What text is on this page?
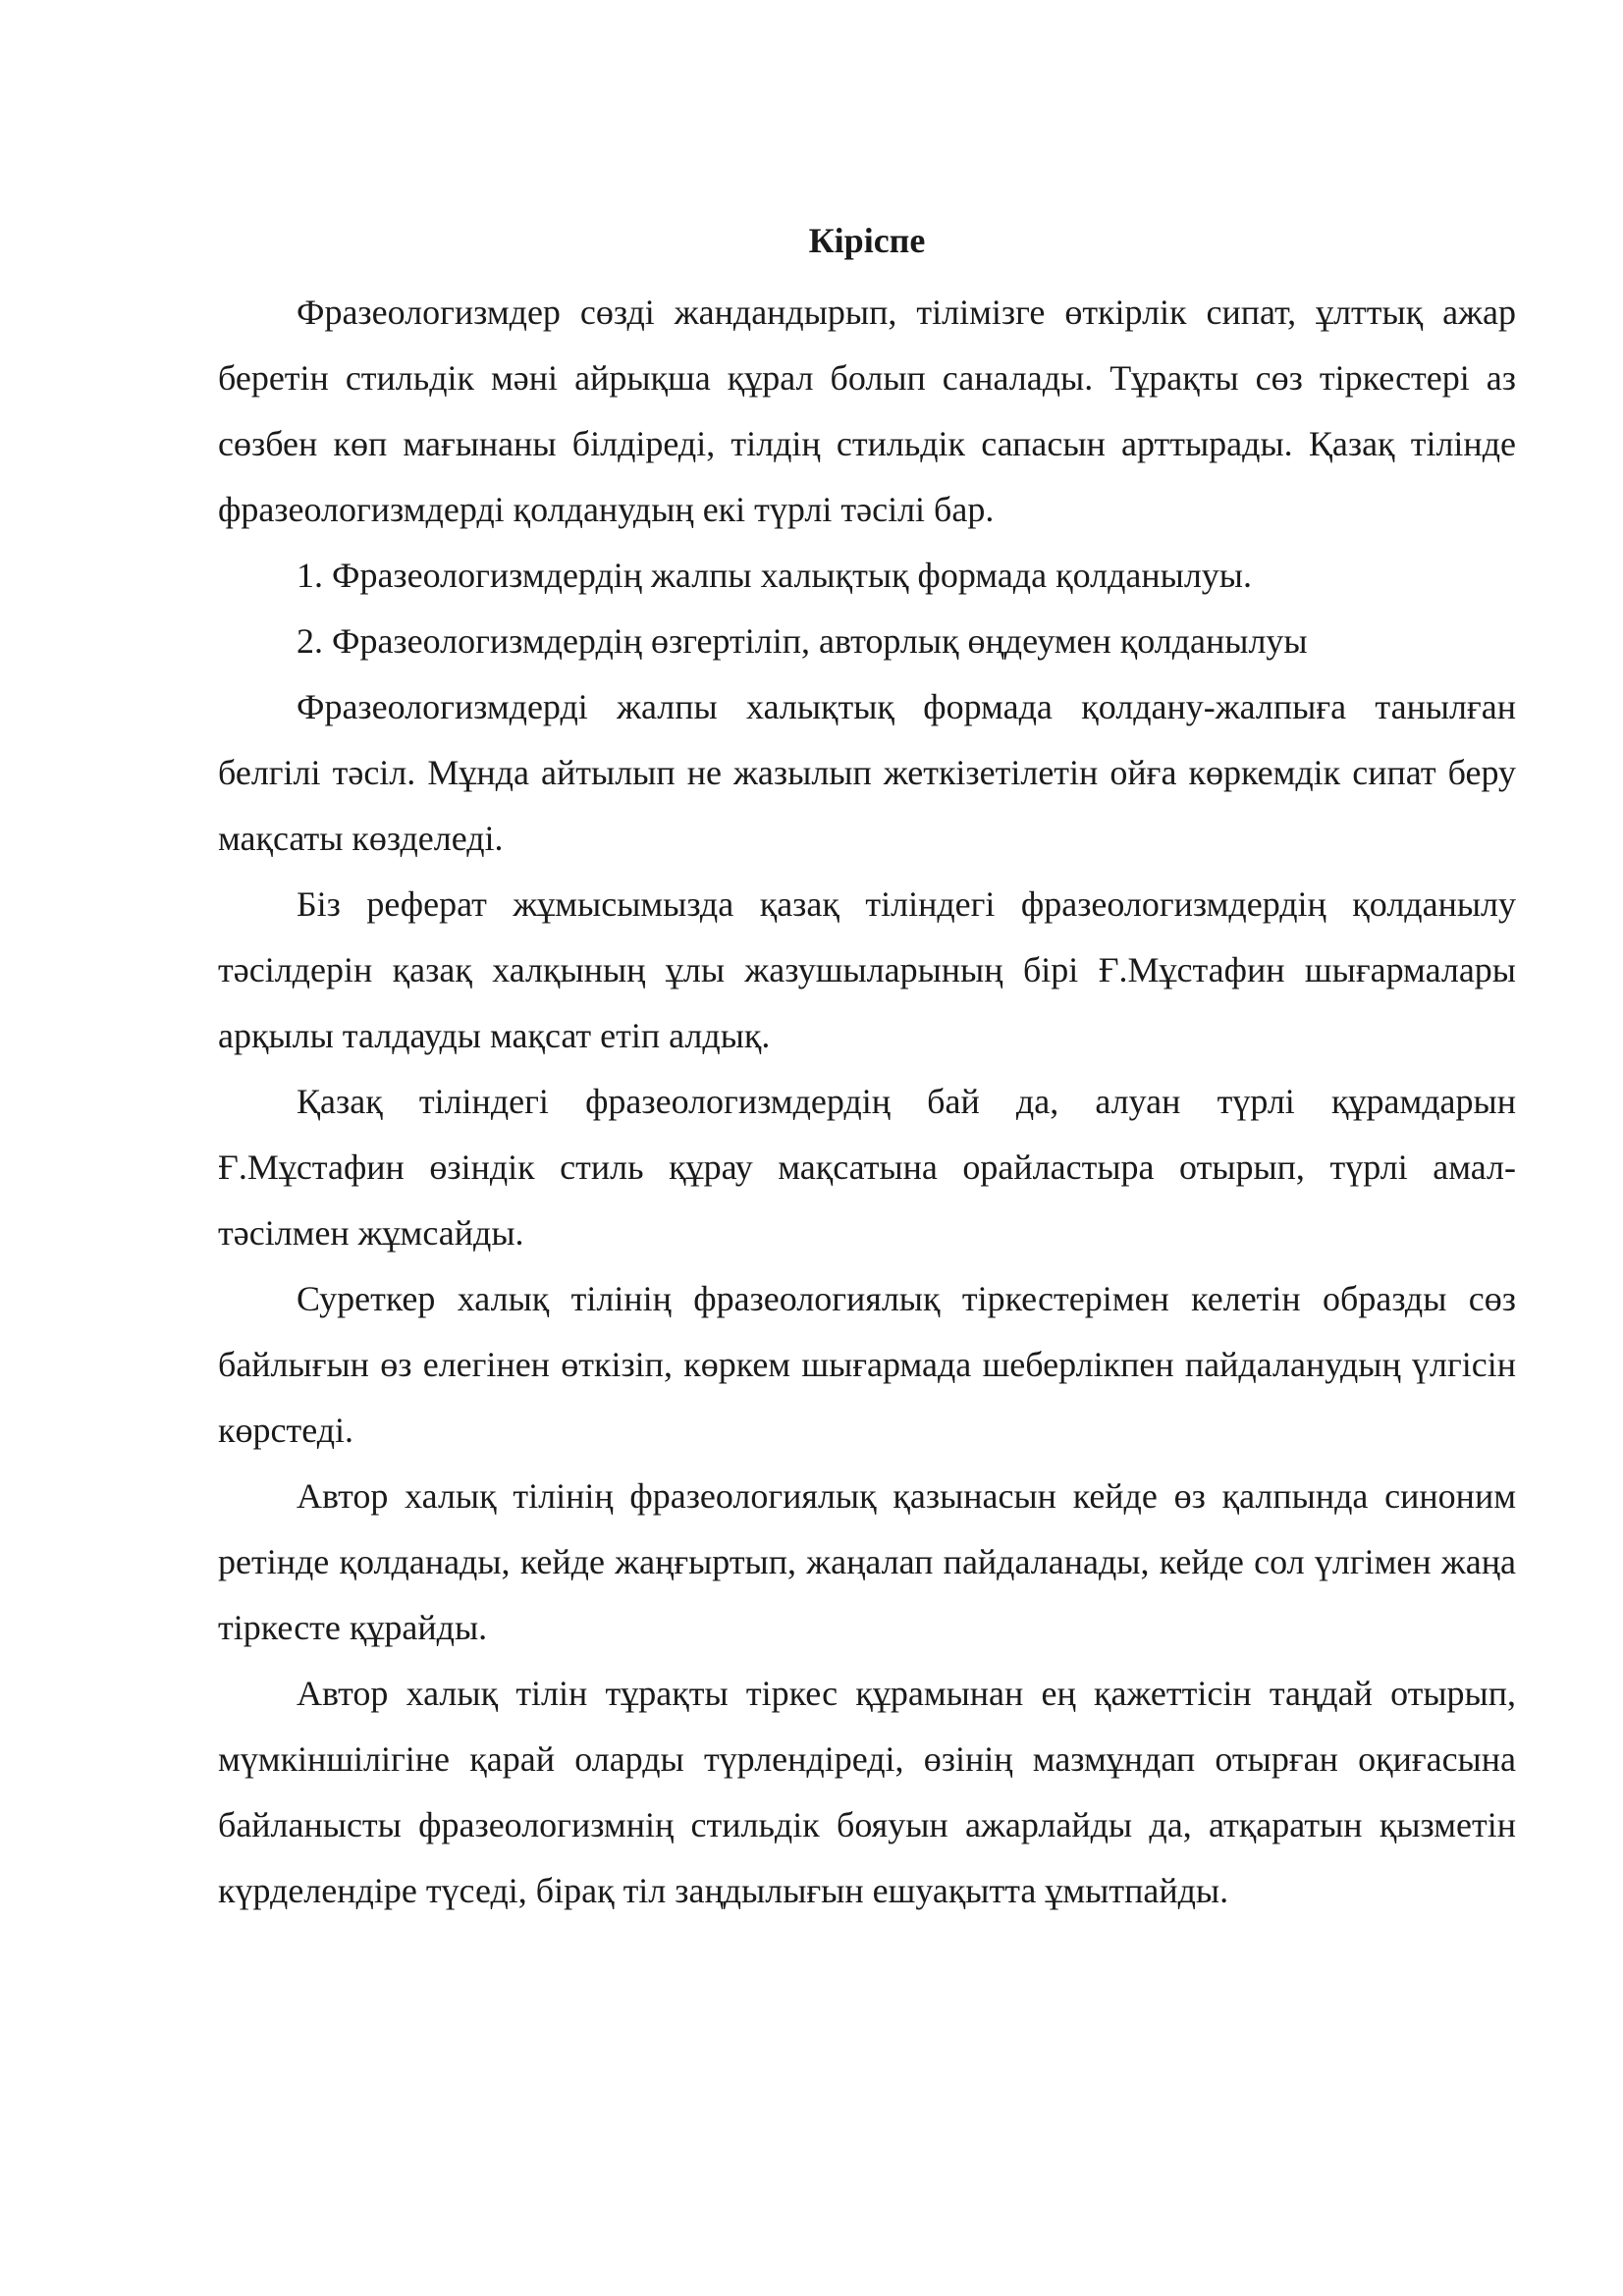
Кіріспе

Фразеологизмдер сөзді жандандырып, тілімізге өткірлік сипат, ұлттық ажар беретін стильдік мәні айрықша құрал болып саналады. Тұрақты сөз тіркестері аз сөзбен көп мағынаны білдіреді, тілдің стильдік сапасын арттырады. Қазақ тілінде фразеологизмдерді қолданудың екі түрлі тәсілі бар.

1. Фразеологизмдердің жалпы халықтық формада қолданылуы.

2. Фразеологизмдердің өзгертіліп, авторлық өңдеумен қолданылуы

Фразеологизмдерді жалпы халықтық формада қолдану-жалпыға танылған белгілі тәсіл. Мұнда айтылып не жазылып жеткізетілетін ойға көркемдік сипат беру мақсаты көзделеді.

Біз реферат жұмысымызда қазақ тіліндегі фразеологизмдердің қолданылу тәсілдерін қазақ халқының ұлы жазушыларының бірі Ғ.Мұстафин шығармалары арқылы талдауды мақсат етіп алдық.

Қазақ тіліндегі фразеологизмдердің бай да, алуан түрлі құрамдарын Ғ.Мұстафин өзіндік стиль құрау мақсатына орайластыра отырып, түрлі амал-тәсілмен жұмсайды.

Суреткер халық тілінің фразеологиялық тіркестерімен келетін образды сөз байлығын өз елегінен өткізіп, көркем шығармада шеберлікпен пайдаланудың үлгісін көрстеді.

Автор халық тілінің фразеологиялық қазынасын кейде өз қалпында синоним ретінде қолданады, кейде жаңғыртып, жаңалап пайдаланады, кейде сол үлгімен жаңа тіркесте құрайды.

Автор халық тілін тұрақты тіркес құрамынан ең қажеттісін таңдай отырып, мүмкіншілігіне қарай оларды түрлендіреді, өзінің мазмұндап отырған оқиғасына байланысты фразеологизмнің стильдік бояуын ажарлайды да, атқаратын қызметін күрделендіре түседі, бірақ тіл заңдылығын ешуақытта ұмытпайды.
